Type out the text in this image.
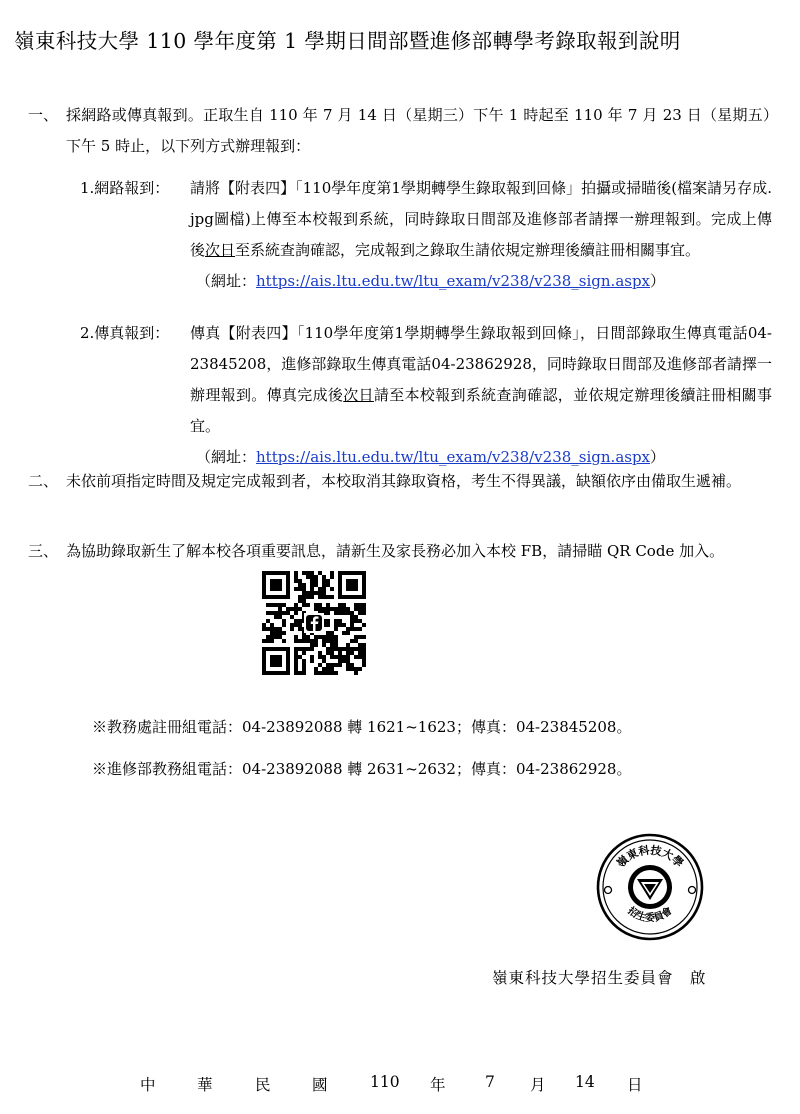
嶺東科技大學 110 學年度第 1 學期日間部暨進修部轉學考錄取報到說明
一、 採網路或傳真報到。正取生自 110 年 7 月 14 日（星期三）下午 1 時起至 110 年 7 月 23 日（星期五）下午 5 時止，以下列方式辦理報到：
1.網路報到： 請將【附表四】「110學年度第1學期轉學生錄取報到回條」拍攝或掃瞄後(檔案請另存成. jpg圖檔)上傳至本校報到系統，同時錄取日間部及進修部者請擇一辦理報到。完成上傳後次日至系統查詢確認，完成報到之錄取生請依規定辦理後續註冊相關事宜。
（網址：https://ais.ltu.edu.tw/ltu_exam/v238/v238_sign.aspx）
2.傳真報到： 傳真【附表四】「110學年度第1學期轉學生錄取報到回條」，日間部錄取生傳真電話04-23845208，進修部錄取生傳真電話04-23862928，同時錄取日間部及進修部者請擇一辦理報到。傳真完成後次日請至本校報到系統查詢確認，並依規定辦理後續註冊相關事宜。
（網址：https://ais.ltu.edu.tw/ltu_exam/v238/v238_sign.aspx）
二、 未依前項指定時間及規定完成報到者，本校取消其錄取資格，考生不得異議，缺額依序由備取生遞補。
三、 為協助錄取新生了解本校各項重要訊息，請新生及家長務必加入本校 FB，請掃瞄 QR Code 加入。
※教務處註冊組電話：04-23892088 轉 1621~1623；傳真：04-23845208。
※進修部教務組電話：04-23892088 轉 2631~2632；傳真：04-23862928。
嶺東科技大學
招生委員會
嶺東科技大學招生委員會　啟
中	華	民	國	110 年	7 月 14 日
